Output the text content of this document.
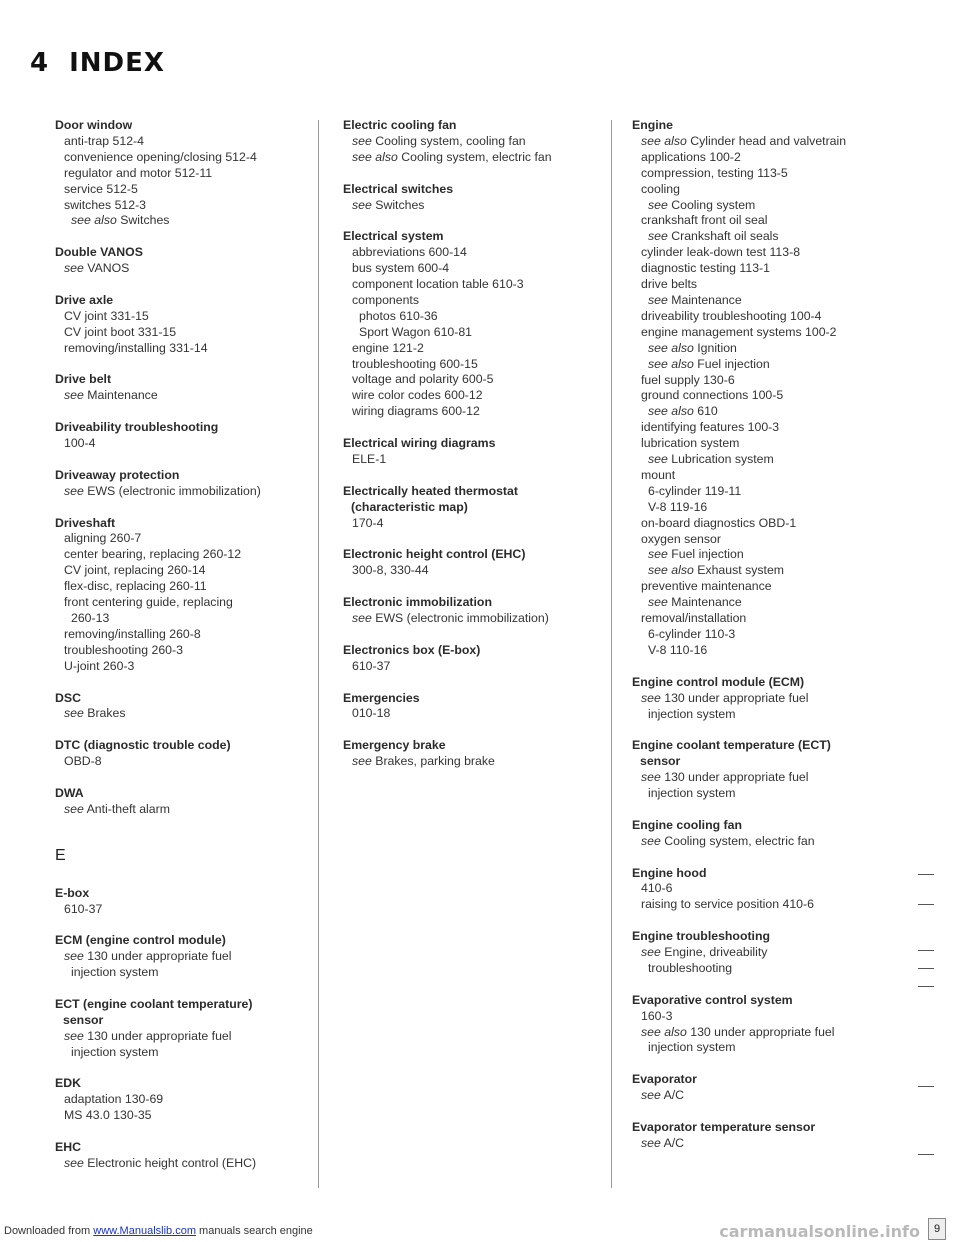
4 INDEX
Door window
anti-trap 512-4
convenience opening/closing 512-4
regulator and motor 512-11
service 512-5
switches 512-3
see also Switches
Double VANOS
see VANOS
Drive axle
CV joint 331-15
CV joint boot 331-15
removing/installing 331-14
Drive belt
see Maintenance
Driveability troubleshooting
100-4
Driveaway protection
see EWS (electronic immobilization)
Driveshaft
aligning 260-7
center bearing, replacing 260-12
CV joint, replacing 260-14
flex-disc, replacing 260-11
front centering guide, replacing
260-13
removing/installing 260-8
troubleshooting 260-3
U-joint 260-3
DSC
see Brakes
DTC (diagnostic trouble code)
OBD-8
DWA
see Anti-theft alarm
E
E-box
610-37
ECM (engine control module)
see 130 under appropriate fuel
injection system
ECT (engine coolant temperature)
sensor
see 130 under appropriate fuel
injection system
EDK
adaptation 130-69
MS 43.0 130-35
EHC
see Electronic height control (EHC)
Electric cooling fan
see Cooling system, cooling fan
see also Cooling system, electric fan
Electrical switches
see Switches
Electrical system
abbreviations 600-14
bus system 600-4
component location table 610-3
components
photos 610-36
Sport Wagon 610-81
engine 121-2
troubleshooting 600-15
voltage and polarity 600-5
wire color codes 600-12
wiring diagrams 600-12
Electrical wiring diagrams
ELE-1
Electrically heated thermostat
(characteristic map)
170-4
Electronic height control (EHC)
300-8, 330-44
Electronic immobilization
see EWS (electronic immobilization)
Electronics box (E-box)
610-37
Emergencies
010-18
Emergency brake
see Brakes, parking brake
Engine
see also Cylinder head and valvetrain
applications 100-2
compression, testing 113-5
cooling
see Cooling system
crankshaft front oil seal
see Crankshaft oil seals
cylinder leak-down test 113-8
diagnostic testing 113-1
drive belts
see Maintenance
driveability troubleshooting 100-4
engine management systems 100-2
see also Ignition
see also Fuel injection
fuel supply 130-6
ground connections 100-5
see also 610
identifying features 100-3
lubrication system
see Lubrication system
mount
6-cylinder 119-11
V-8 119-16
on-board diagnostics OBD-1
oxygen sensor
see Fuel injection
see also Exhaust system
preventive maintenance
see Maintenance
removal/installation
6-cylinder 110-3
V-8 110-16
Engine control module (ECM)
see 130 under appropriate fuel
injection system
Engine coolant temperature (ECT)
sensor
see 130 under appropriate fuel
injection system
Engine cooling fan
see Cooling system, electric fan
Engine hood
410-6
raising to service position 410-6
Engine troubleshooting
see Engine, driveability
troubleshooting
Evaporative control system
160-3
see also 130 under appropriate fuel
injection system
Evaporator
see A/C
Evaporator temperature sensor
see A/C
Downloaded from www.Manualslib.com manuals search engine	carmanualsonline.info	9
